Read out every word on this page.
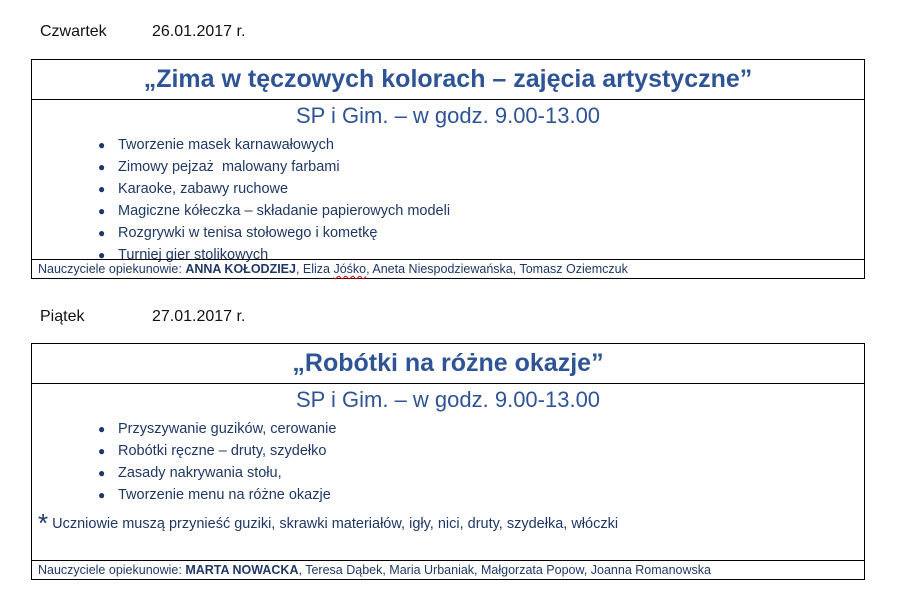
Czwartek	26.01.2017 r.
„Zima w tęczowych kolorach – zajęcia artystyczne”
SP i Gim. – w godz. 9.00-13.00
● Tworzenie masek karnawałowych
● Zimowy pejzaż  malowany farbami
● Karaoke, zabawy ruchowe
● Magiczne kółeczka – składanie papierowych modeli
● Rozgrywki w tenisa stołowego i kometkę
● Turniej gier stolikowych
Nauczyciele opiekunowie: ANNA KOŁODZIEJ, Eliza Jóśko, Aneta Niespodziewańska, Tomasz Oziemczuk
Piątek	27.01.2017 r.
„Robótki na różne okazje”
SP i Gim. – w godz. 9.00-13.00
● Przyszywanie guzików, cerowanie
● Robótki ręczne – druty, szydełko
● Zasady nakrywania stołu,
● Tworzenie menu na różne okazje
* Uczniowie muszą przynieść guziki, skrawki materiałów, igły, nici, druty, szydełka, włóczki
Nauczyciele opiekunowie: MARTA NOWACKA, Teresa Dąbek, Maria Urbaniak, Małgorzata Popow, Joanna Romanowska
